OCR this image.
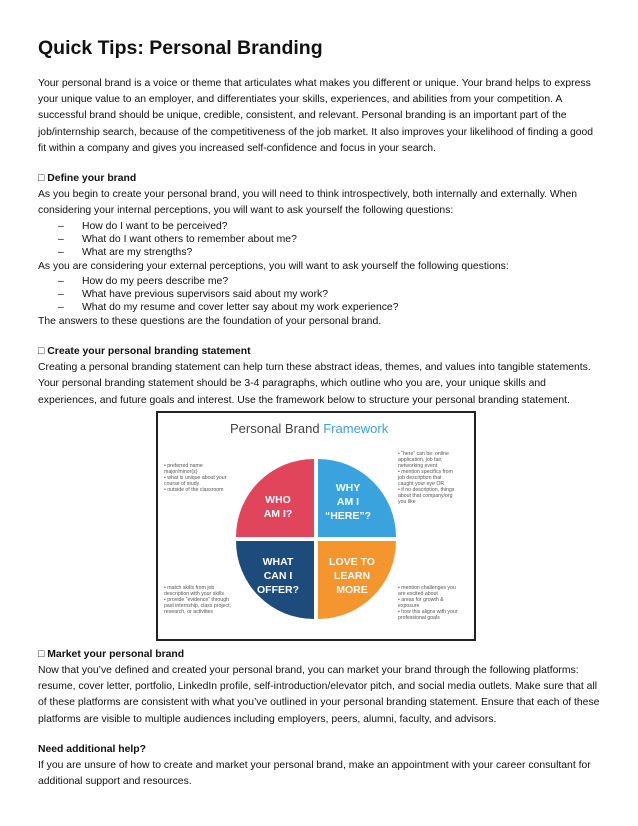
Quick Tips: Personal Branding

Your personal brand is a voice or theme that articulates what makes you different or unique. Your brand helps to express your unique value to an employer, and differentiates your skills, experiences, and abilities from your competition. A successful brand should be unique, credible, consistent, and relevant. Personal branding is an important part of the job/internship search, because of the competitiveness of the job market. It also improves your likelihood of finding a good fit within a company and gives you increased self-confidence and focus in your search.

□ Define your brand

As you begin to create your personal brand, you will need to think introspectively, both internally and externally. When considering your internal perceptions, you will want to ask yourself the following questions:

– How do I want to be perceived?
– What do I want others to remember about me?
– What are my strengths?

As you are considering your external perceptions, you will want to ask yourself the following questions:

– How do my peers describe me?
– What have previous supervisors said about my work?
– What do my resume and cover letter say about my work experience?

The answers to these questions are the foundation of your personal brand.

□ Create your personal branding statement

Creating a personal branding statement can help turn these abstract ideas, themes, and values into tangible statements. Your personal branding statement should be 3-4 paragraphs, which outline who you are, your unique skills and experiences, and future goals and interest. Use the framework below to structure your personal branding statement.

Personal Brand Framework
WHO
AM I?
WHY
AM I
“HERE”?
WHAT
CAN I
OFFER?
LOVE TO
LEARN
MORE
• preferred name
major/minor(s)
• what is unique about your
course of study
• outside of the classroom
• “here” can be: online
application, job fair,
networking event
• mention specifics from
job description that
caught your eye OR
• if no description, things
about that company/org
you like
• match skills from job
description with your skills
• provide “evidence” through
past internship, class project,
research, or activities
• mention challenges you
are excited about
• areas for growth &
exposure
• how this aligns with your
professional goals
□ Market your personal brand

Now that you’ve defined and created your personal brand, you can market your brand through the following platforms: resume, cover letter, portfolio, LinkedIn profile, self-introduction/elevator pitch, and social media outlets. Make sure that all of these platforms are consistent with what you’ve outlined in your personal branding statement. Ensure that each of these platforms are visible to multiple audiences including employers, peers, alumni, faculty, and advisors.

Need additional help?

If you are unsure of how to create and market your personal brand, make an appointment with your career consultant for additional support and resources.
